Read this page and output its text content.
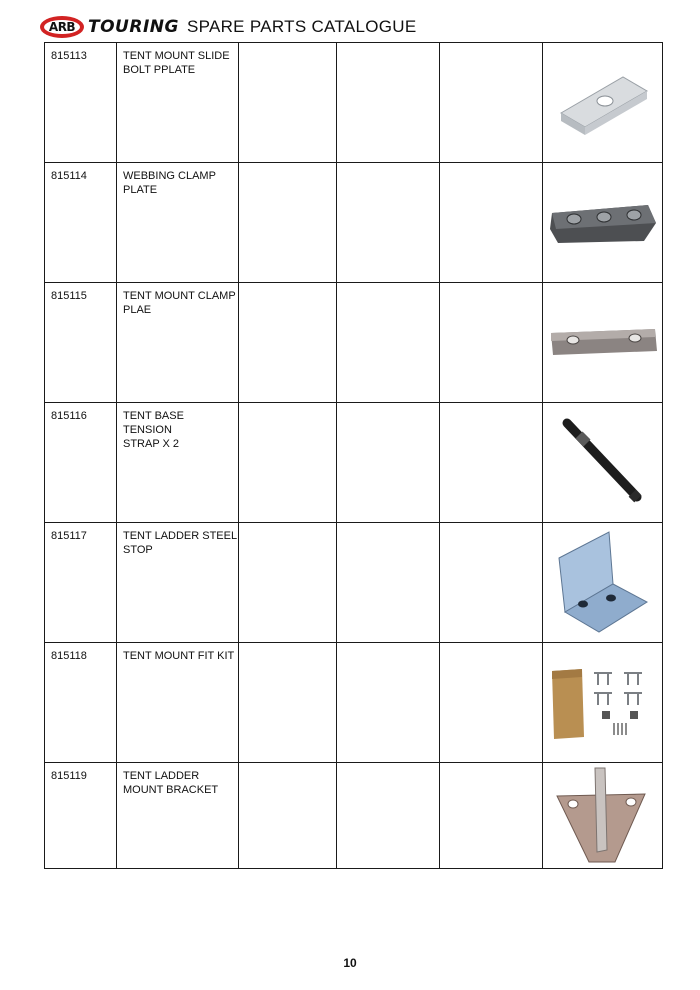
ARB TOURING SPARE PARTS CATALOGUE
815113	TENT MOUNT SLIDE
BOLT PPLATE

815114	WEBBING CLAMP
PLATE

815115	TENT MOUNT CLAMP
PLAE

815116	TENT BASE
TENSION
STRAP X 2

815117	TENT LADDER STEEL
STOP

815118	TENT MOUNT FIT KIT

815119	TENT LADDER
MOUNT BRACKET

10
